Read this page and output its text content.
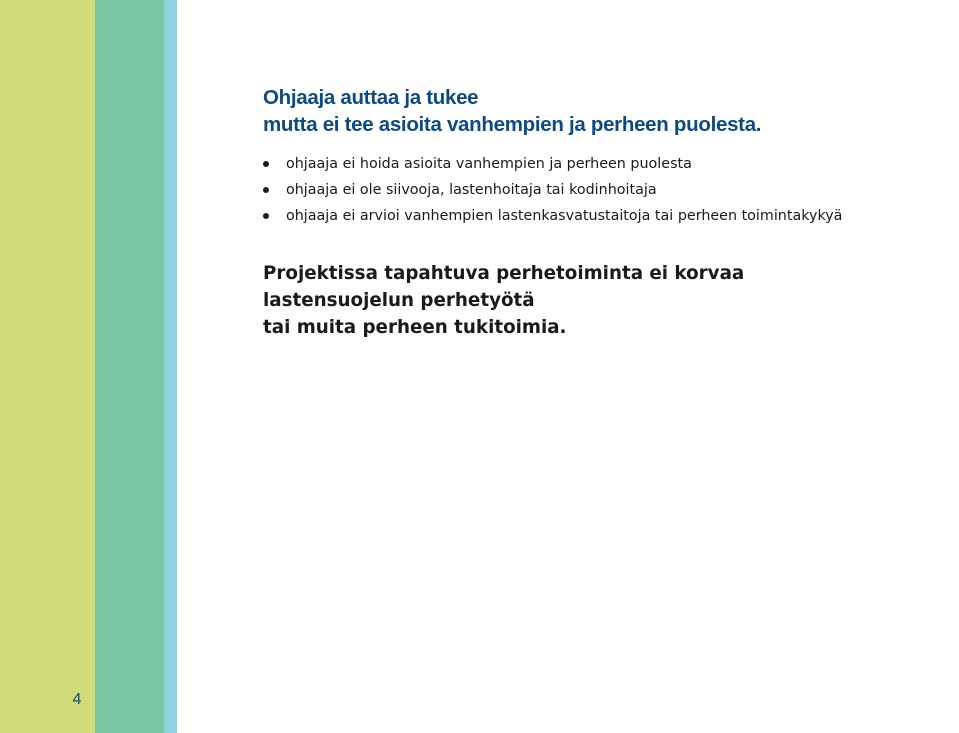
Ohjaaja auttaa ja tukee
mutta ei tee asioita vanhempien ja perheen puolesta.
ohjaaja ei hoida asioita vanhempien ja perheen puolesta
ohjaaja ei ole siivooja, lastenhoitaja tai kodinhoitaja
ohjaaja ei arvioi vanhempien lastenkasvatustaitoja tai perheen toimintakykyä

Projektissa tapahtuva perhetoiminta ei korvaa
lastensuojelun perhetyötä
tai muita perheen tukitoimia.

4
